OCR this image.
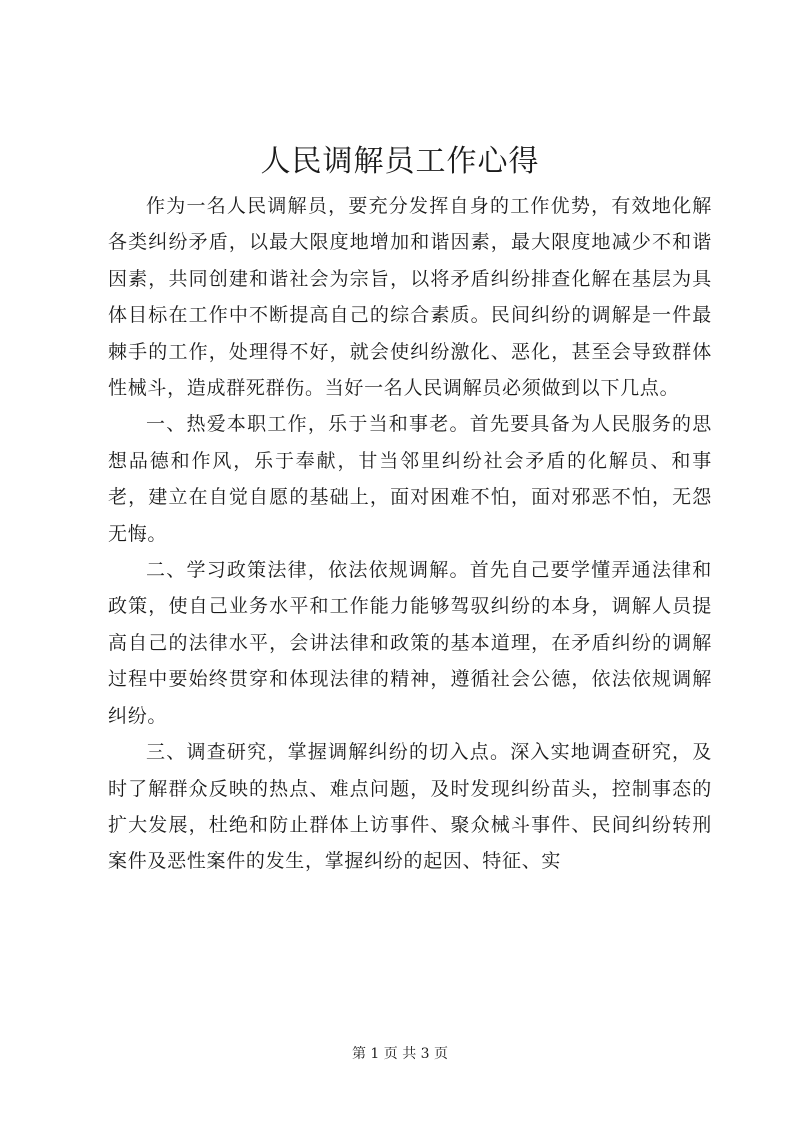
人民调解员工作心得

作为一名人民调解员，要充分发挥自身的工作优势，有效地化解各类纠纷矛盾，以最大限度地增加和谐因素，最大限度地减少不和谐因素，共同创建和谐社会为宗旨，以将矛盾纠纷排查化解在基层为具体目标在工作中不断提高自己的综合素质。民间纠纷的调解是一件最棘手的工作，处理得不好，就会使纠纷激化、恶化，甚至会导致群体性械斗，造成群死群伤。当好一名人民调解员必须做到以下几点。

一、热爱本职工作，乐于当和事老。首先要具备为人民服务的思想品德和作风，乐于奉献，甘当邻里纠纷社会矛盾的化解员、和事老，建立在自觉自愿的基础上，面对困难不怕，面对邪恶不怕，无怨无悔。

二、学习政策法律，依法依规调解。首先自己要学懂弄通法律和政策，使自己业务水平和工作能力能够驾驭纠纷的本身，调解人员提高自己的法律水平，会讲法律和政策的基本道理，在矛盾纠纷的调解过程中要始终贯穿和体现法律的精神，遵循社会公德，依法依规调解纠纷。

三、调查研究，掌握调解纠纷的切入点。深入实地调查研究，及时了解群众反映的热点、难点问题，及时发现纠纷苗头，控制事态的扩大发展，杜绝和防止群体上访事件、聚众械斗事件、民间纠纷转刑案件及恶性案件的发生，掌握纠纷的起因、特征、实

第 1 页 共 3 页
